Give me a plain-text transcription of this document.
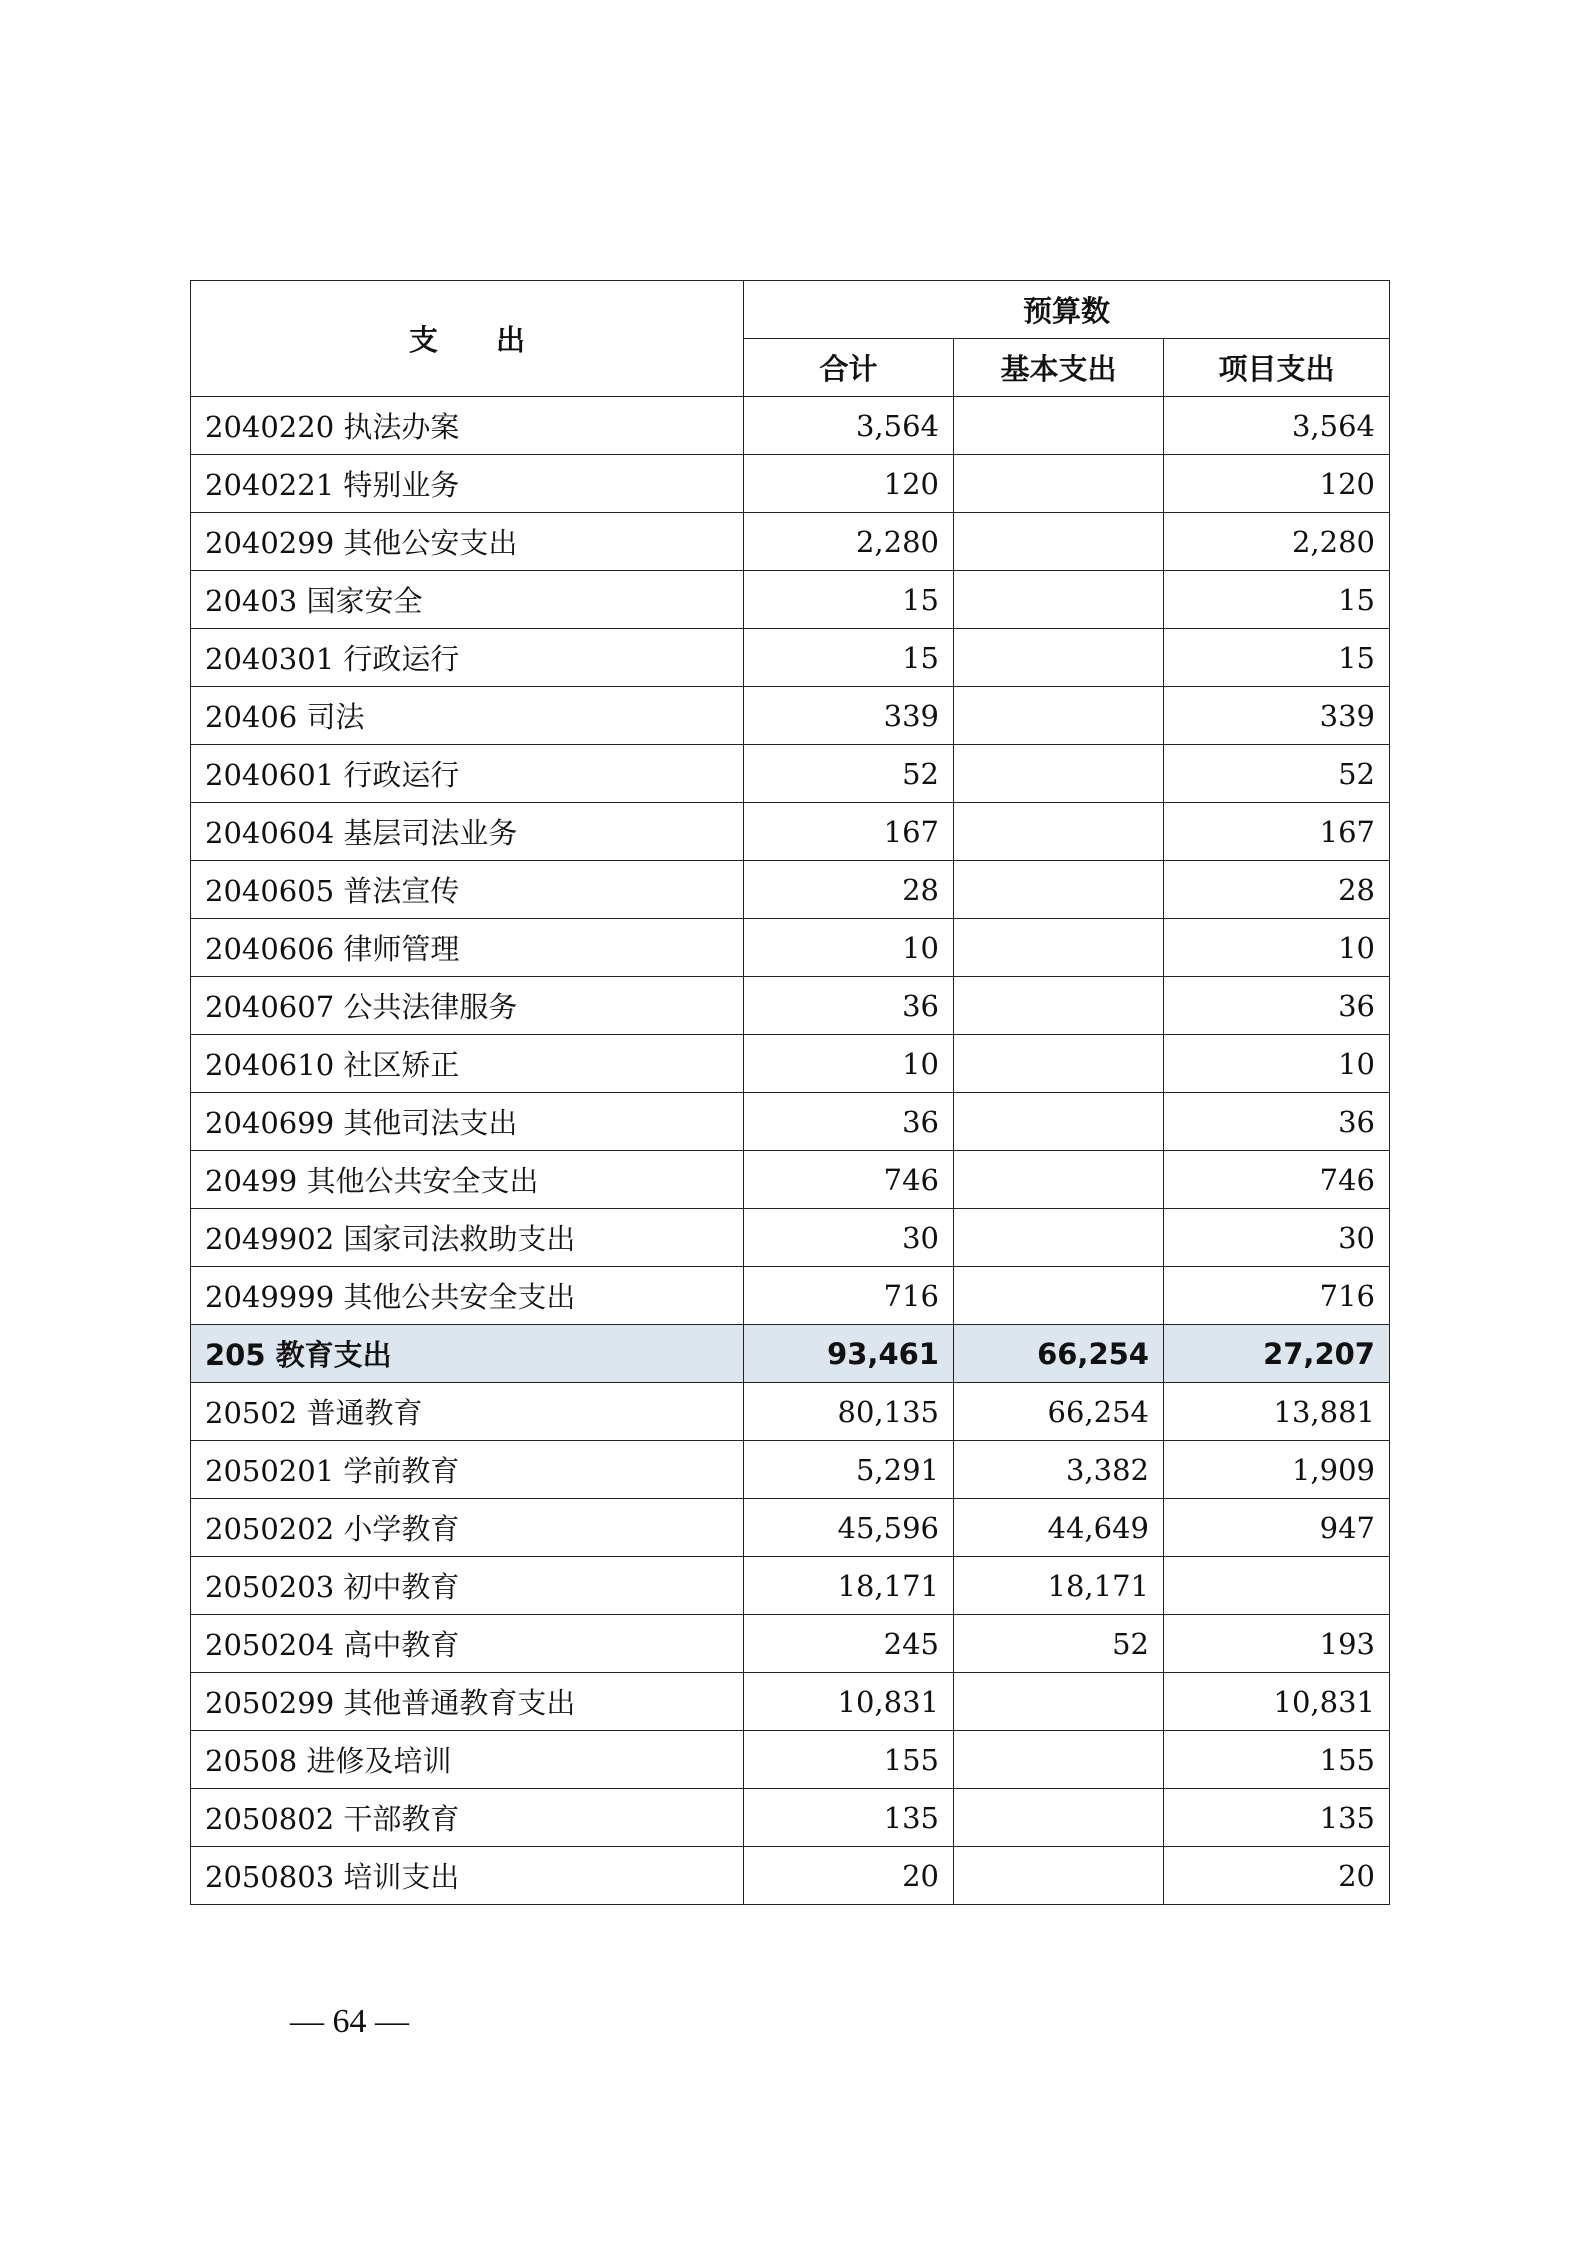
支　　出	预算数		
	合计	基本支出	项目支出
2040220 执法办案	3,564		3,564
2040221 特别业务	120		120
2040299 其他公安支出	2,280		2,280
20403 国家安全	15		15
2040301 行政运行	15		15
20406 司法	339		339
2040601 行政运行	52		52
2040604 基层司法业务	167		167
2040605 普法宣传	28		28
2040606 律师管理	10		10
2040607 公共法律服务	36		36
2040610 社区矫正	10		10
2040699 其他司法支出	36		36
20499 其他公共安全支出	746		746
2049902 国家司法救助支出	30		30
2049999 其他公共安全支出	716		716
205 教育支出	93,461	66,254	27,207
20502 普通教育	80,135	66,254	13,881
2050201 学前教育	5,291	3,382	1,909
2050202 小学教育	45,596	44,649	947
2050203 初中教育	18,171	18,171	
2050204 高中教育	245	52	193
2050299 其他普通教育支出	10,831		10,831
20508 进修及培训	155		155
2050802 干部教育	135		135
2050803 培训支出	20		20
— 64 —
